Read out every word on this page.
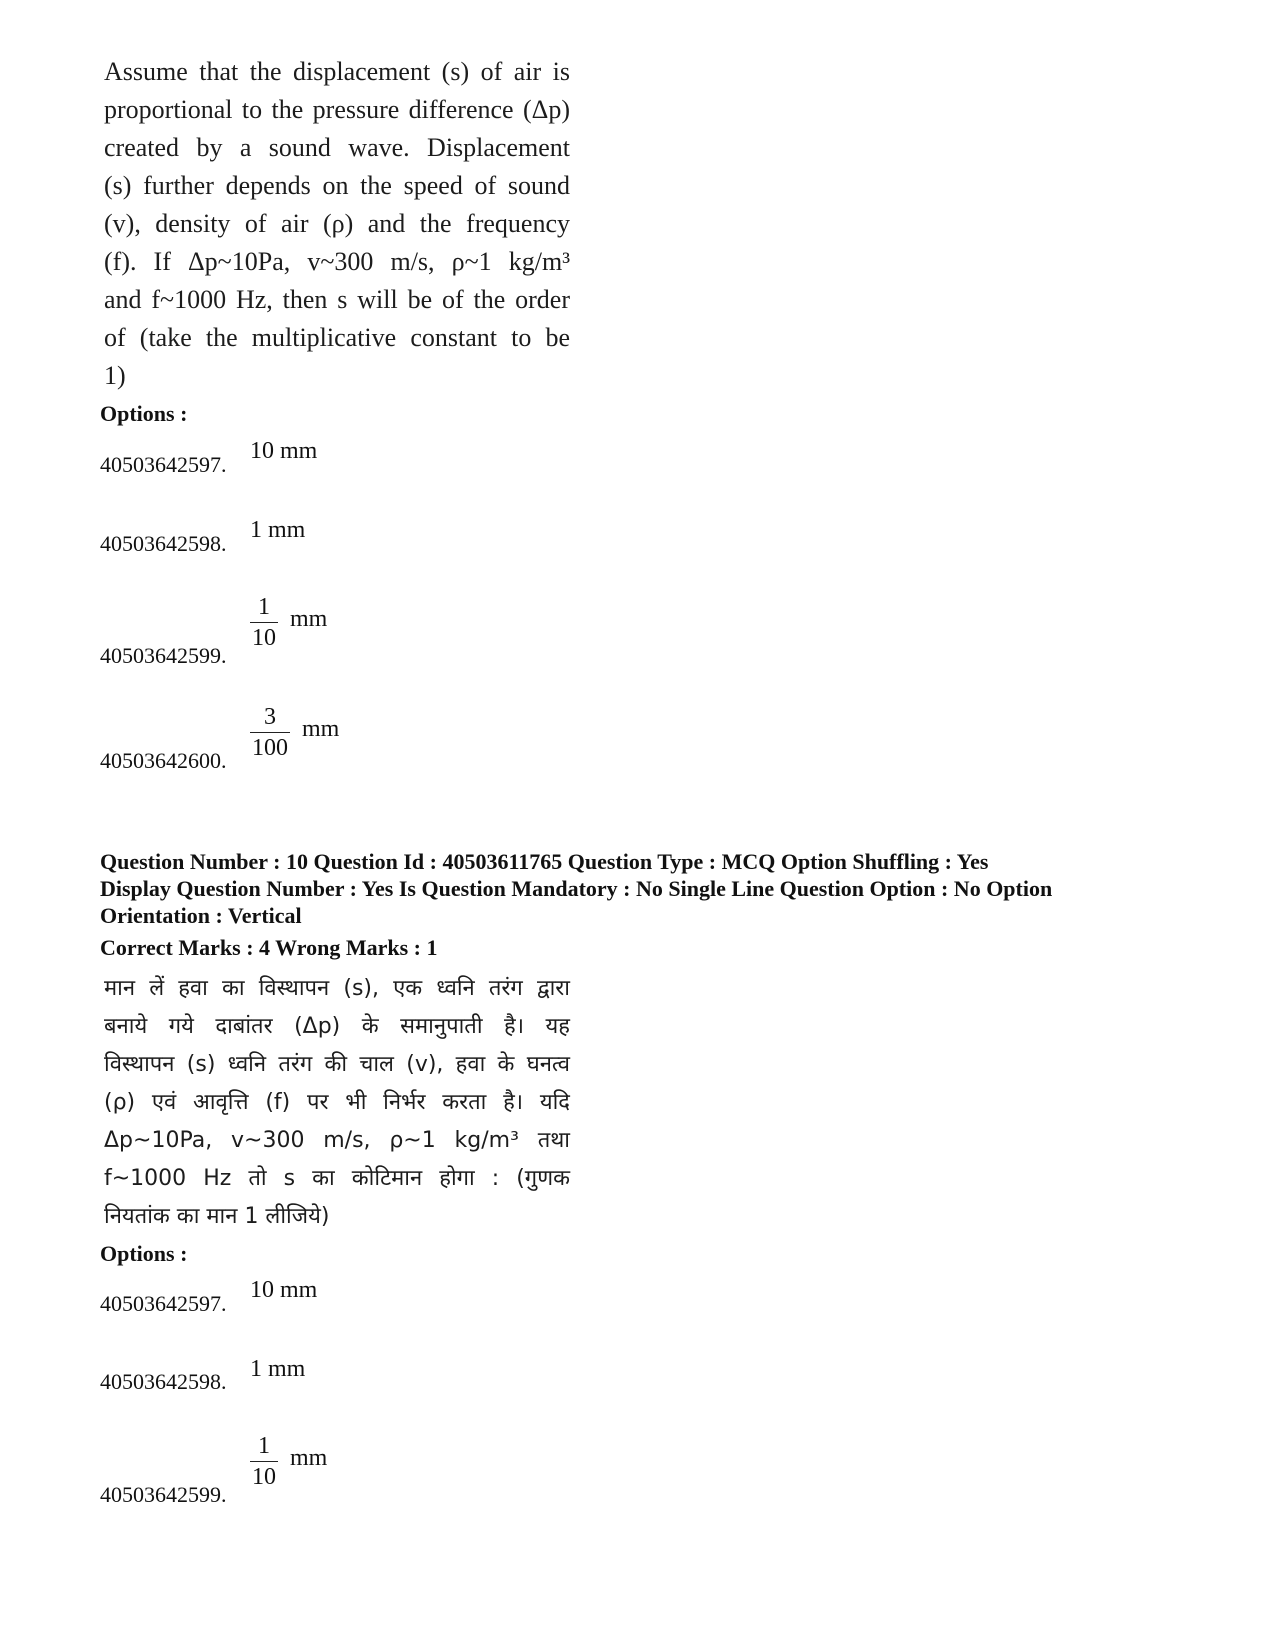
Assume that the displacement (s) of air is
proportional to the pressure difference (Δp)
created by a sound wave. Displacement
(s) further depends on the speed of sound
(v), density of air (ρ) and the frequency
(f). If Δp~10Pa, v~300 m/s, ρ~1 kg/m³
and f~1000 Hz, then s will be of the order
of (take the multiplicative constant to be
1)
Options :
40503642597.
10 mm
40503642598.
1 mm
$\frac{1}{10}$ mm
40503642599.
$\frac{3}{100}$ mm
40503642600.
Question Number : 10 Question Id : 40503611765 Question Type : MCQ Option Shuffling : Yes
Display Question Number : Yes Is Question Mandatory : No Single Line Question Option : No Option
Orientation : Vertical
Correct Marks : 4 Wrong Marks : 1
मान लें हवा का विस्थापन (s), एक ध्वनि तरंग द्वारा
बनाये गये दाबांतर (Δp) के समानुपाती है। यह
विस्थापन (s) ध्वनि तरंग की चाल (v), हवा के घनत्व
(ρ) एवं आवृत्ति (f) पर भी निर्भर करता है। यदि
Δp~10Pa, v~300 m/s, ρ~1 kg/m³ तथा
f~1000 Hz तो s का कोटिमान होगा : (गुणक
नियतांक का मान 1 लीजिये)
Options :
40503642597.
10 mm
40503642598. 1 mm
$\frac{1}{10}$ mm
40503642599.
